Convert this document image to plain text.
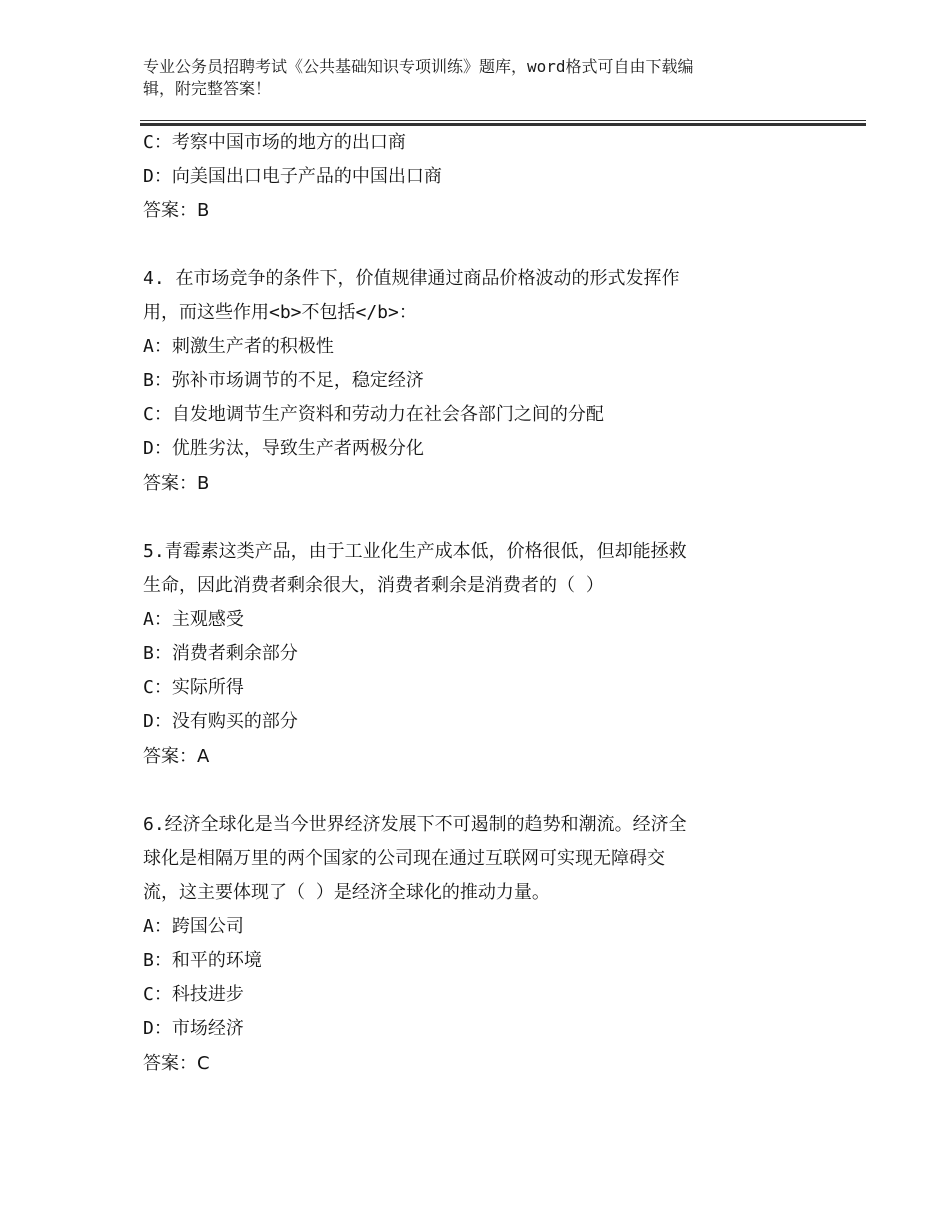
专业公务员招聘考试《公共基础知识专项训练》题库，word格式可自由下载编
辑，附完整答案！
C：考察中国市场的地方的出口商
D：向美国出口电子产品的中国出口商
答案：B
4. 在市场竞争的条件下，价值规律通过商品价格波动的形式发挥作
用，而这些作用<b>不包括</b>：
A：刺激生产者的积极性
B：弥补市场调节的不足，稳定经济
C：自发地调节生产资料和劳动力在社会各部门之间的分配
D：优胜劣汰，导致生产者两极分化
答案：B
5.青霉素这类产品，由于工业化生产成本低，价格很低，但却能拯救
生命，因此消费者剩余很大，消费者剩余是消费者的（ ）
A：主观感受
B：消费者剩余部分
C：实际所得
D：没有购买的部分
答案：A
6.经济全球化是当今世界经济发展下不可遏制的趋势和潮流。经济全
球化是相隔万里的两个国家的公司现在通过互联网可实现无障碍交
流，这主要体现了（ ）是经济全球化的推动力量。
A：跨国公司
B：和平的环境
C：科技进步
D：市场经济
答案：C
